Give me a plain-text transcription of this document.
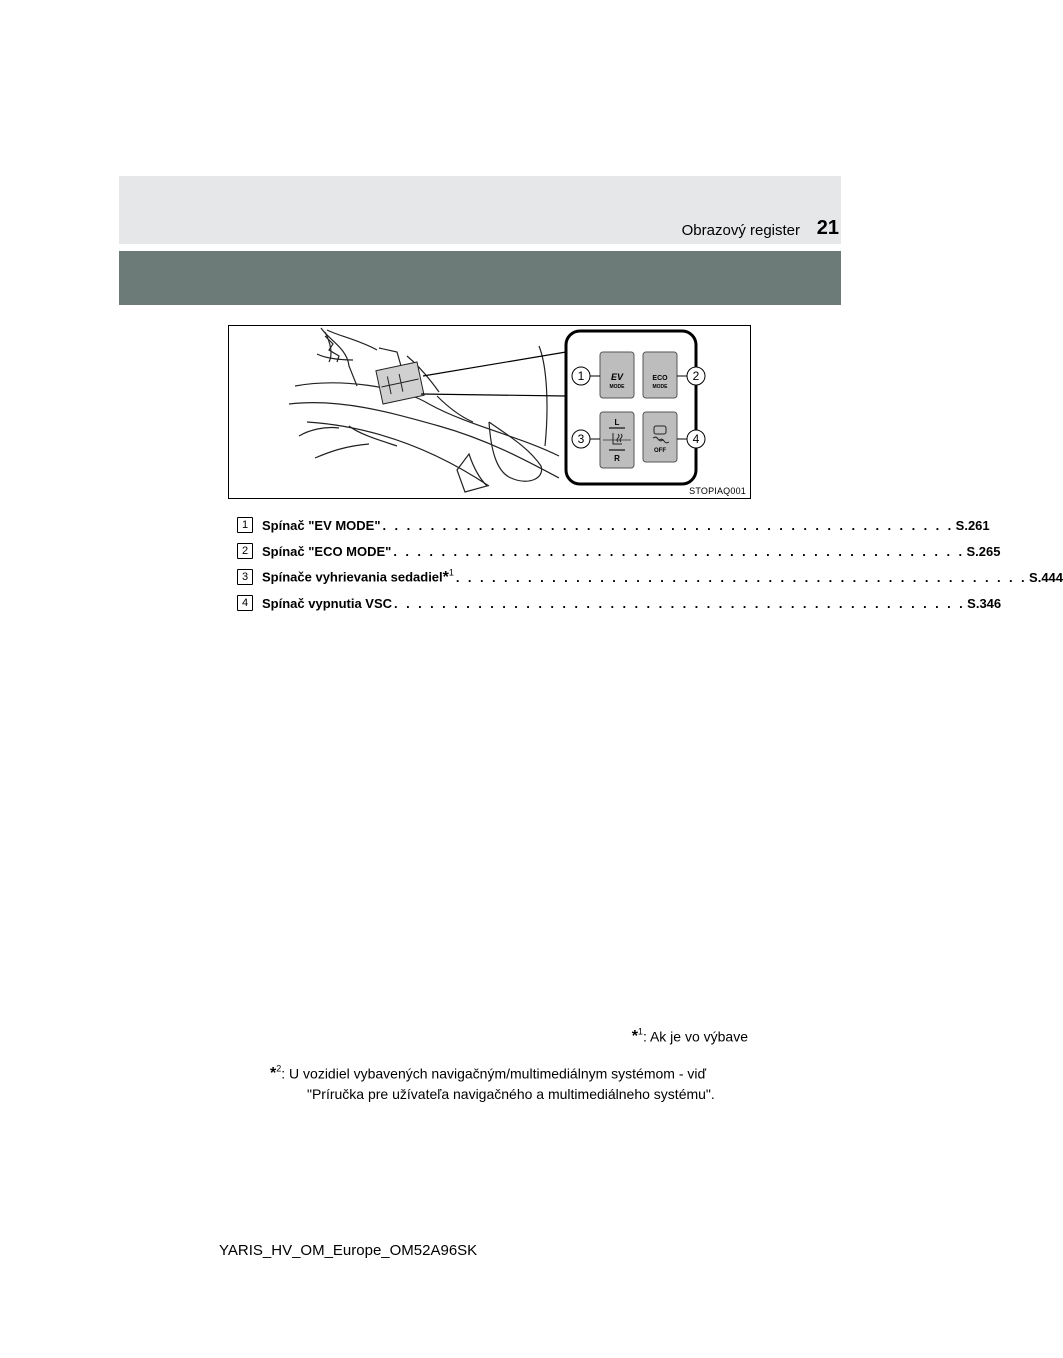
Obrazový register 21
EV
MODE
ECO
MODE
L
R
OFF
1	2
3	4
STOPIAQ001
1	Spínač "EV MODE" . . . . . . . . . . . . . . . . . . . . . . . . . . . . . . . . . . . . . . . . . . . . . . . . S.261
2	Spínač "ECO MODE" . . . . . . . . . . . . . . . . . . . . . . . . . . . . . . . . . . . . . . . . . . . . . . . . S.265
3	Spínače vyhrievania sedadiel*$^1$ . . . . . . . . . . . . . . . . . . . . . . . . . . . . . . . . . . . . . . . . . . . . . . . . S.444
4	Spínač vypnutia VSC . . . . . . . . . . . . . . . . . . . . . . . . . . . . . . . . . . . . . . . . . . . . . . . . S.346
*$^1$: Ak je vo výbave
*$^2$: U vozidiel vybavených navigačným/multimediálnym systémom - viď
"Príručka pre užívateľa navigačného a multimediálneho systému".
YARIS_HV_OM_Europe_OM52A96SK
